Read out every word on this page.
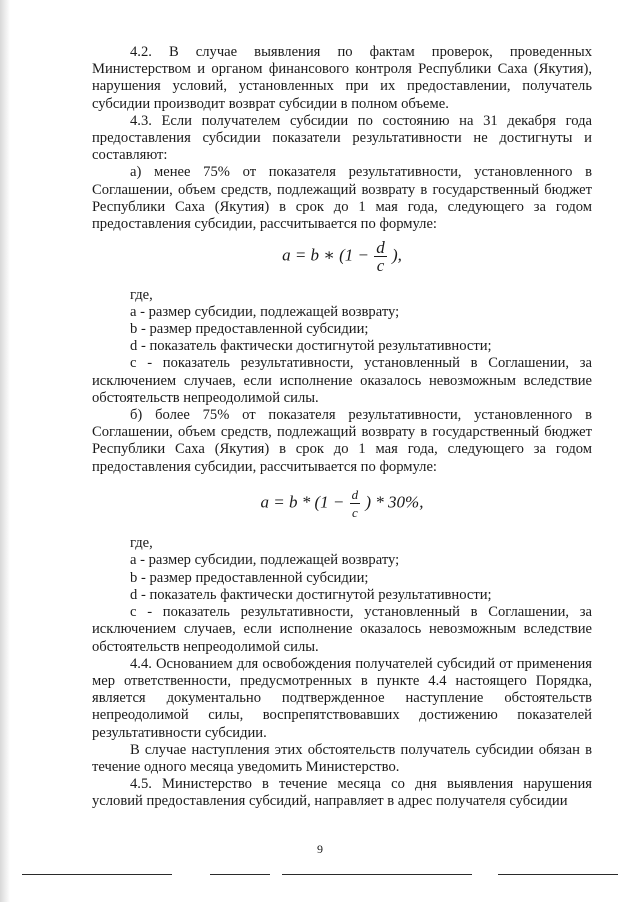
4.2. В случае выявления по фактам проверок, проведенных Министерством и органом финансового контроля Республики Саха (Якутия), нарушения условий, установленных при их предоставлении, получатель субсидии производит возврат субсидии в полном объеме.

4.3. Если получателем субсидии по состоянию на 31 декабря года предоставления субсидии показатели результативности не достигнуты и составляют:

а) менее 75% от показателя результативности, установленного в Соглашении, объем средств, подлежащий возврату в государственный бюджет Республики Саха (Якутия) в срок до 1 мая года, следующего за годом предоставления субсидии, рассчитывается по формуле:

a = b ∗ ($1 - \frac{d}{c}$ ),

где,

а - размер субсидии, подлежащей возврату;

b - размер предоставленной субсидии;

d - показатель фактически достигнутой результативности;

с - показатель результативности, установленный в Соглашении, за исключением случаев, если исполнение оказалось невозможным вследствие обстоятельств непреодолимой силы.

б) более 75% от показателя результативности, установленного в Соглашении, объем средств, подлежащий возврату в государственный бюджет Республики Саха (Якутия) в срок до 1 мая года, следующего за годом предоставления субсидии, рассчитывается по формуле:

$a = b * (1 - \frac{d}{c}$ ) * 30%,

где,

a - размер субсидии, подлежащей возврату;

b - размер предоставленной субсидии;

d - показатель фактически достигнутой результативности;

с - показатель результативности, установленный в Соглашении, за исключением случаев, если исполнение оказалось невозможным вследствие обстоятельств непреодолимой силы.

4.4. Основанием для освобождения получателей субсидий от применения мер ответственности, предусмотренных в пункте 4.4 настоящего Порядка, является документально подтвержденное наступление обстоятельств непреодолимой силы, воспрепятствовавших достижению показателей результативности субсидии.

В случае наступления этих обстоятельств получатель субсидии обязан в течение одного месяца уведомить Министерство.

4.5. Министерство в течение месяца со дня выявления нарушения условий предоставления субсидий, направляет в адрес получателя субсидии

9
